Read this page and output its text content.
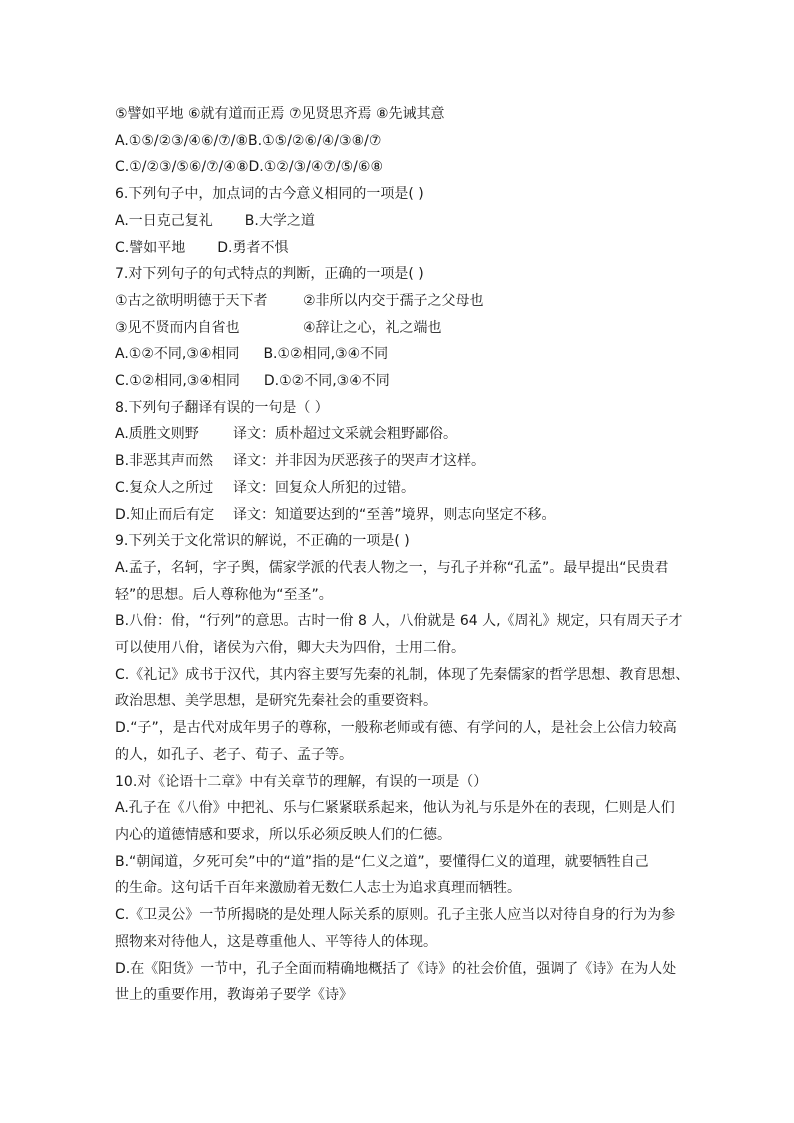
⑤譬如平地 ⑥就有道而正焉 ⑦见贤思齐焉 ⑧先诫其意
A.①⑤/②③/④⑥/⑦/⑧B.①⑤/②⑥/④/③⑧/⑦
C.①/②③/⑤⑥/⑦/④⑧D.①②/③/④⑦/⑤/⑥⑧
6.下列句子中，加点词的古今意义相同的一项是( )
A.一日克己复礼 B.大学之道
C.譬如平地 D.勇者不惧
7.对下列句子的句式特点的判断，正确的一项是( )
①古之欲明明德于天下者	②非所以内交于孺子之父母也
③见不贤而内自省也	④辞让之心，礼之端也
A.①②不同,③④相同 B.①②相同,③④不同
C.①②相同,③④相同 D.①②不同,③④不同
8.下列句子翻译有误的一句是（ ）
A.质胜文则野 译文：质朴超过文采就会粗野鄙俗。
B.非恶其声而然 译文：并非因为厌恶孩子的哭声才这样。
C.复众人之所过 译文：回复众人所犯的过错。
D.知止而后有定 译文：知道要达到的“至善”境界，则志向坚定不移。
9.下列关于文化常识的解说，不正确的一项是( )
A.孟子，名轲，字子舆，儒家学派的代表人物之一，与孔子并称“孔孟”。最早提出“民贵君
轻”的思想。后人尊称他为“至圣”。
B.八佾：佾，“行列”的意思。古时一佾 8 人，八佾就是 64 人,《周礼》规定，只有周天子才
可以使用八佾，诸侯为六佾，卿大夫为四佾，士用二佾。
C.《礼记》成书于汉代，其内容主要写先秦的礼制，体现了先秦儒家的哲学思想、教育思想、
政治思想、美学思想，是研究先秦社会的重要资料。
D.“子”，是古代对成年男子的尊称，一般称老师或有德、有学问的人，是社会上公信力较高
的人，如孔子、老子、荀子、孟子等。
10.对《论语十二章》中有关章节的理解，有误的一项是（）
A.孔子在《八佾》中把礼、乐与仁紧紧联系起来，他认为礼与乐是外在的表现，仁则是人们
内心的道德情感和要求，所以乐必须反映人们的仁德。
B.“朝闻道，夕死可矣”中的“道”指的是“仁义之道”，要懂得仁义的道理，就要牺牲自己
的生命。这句话千百年来激励着无数仁人志士为追求真理而牺牲。
C.《卫灵公》一节所揭晓的是处理人际关系的原则。孔子主张人应当以对待自身的行为为参
照物来对待他人，这是尊重他人、平等待人的体现。
D.在《阳货》一节中，孔子全面而精确地概括了《诗》的社会价值，强调了《诗》在为人处
世上的重要作用，教诲弟子要学《诗》
